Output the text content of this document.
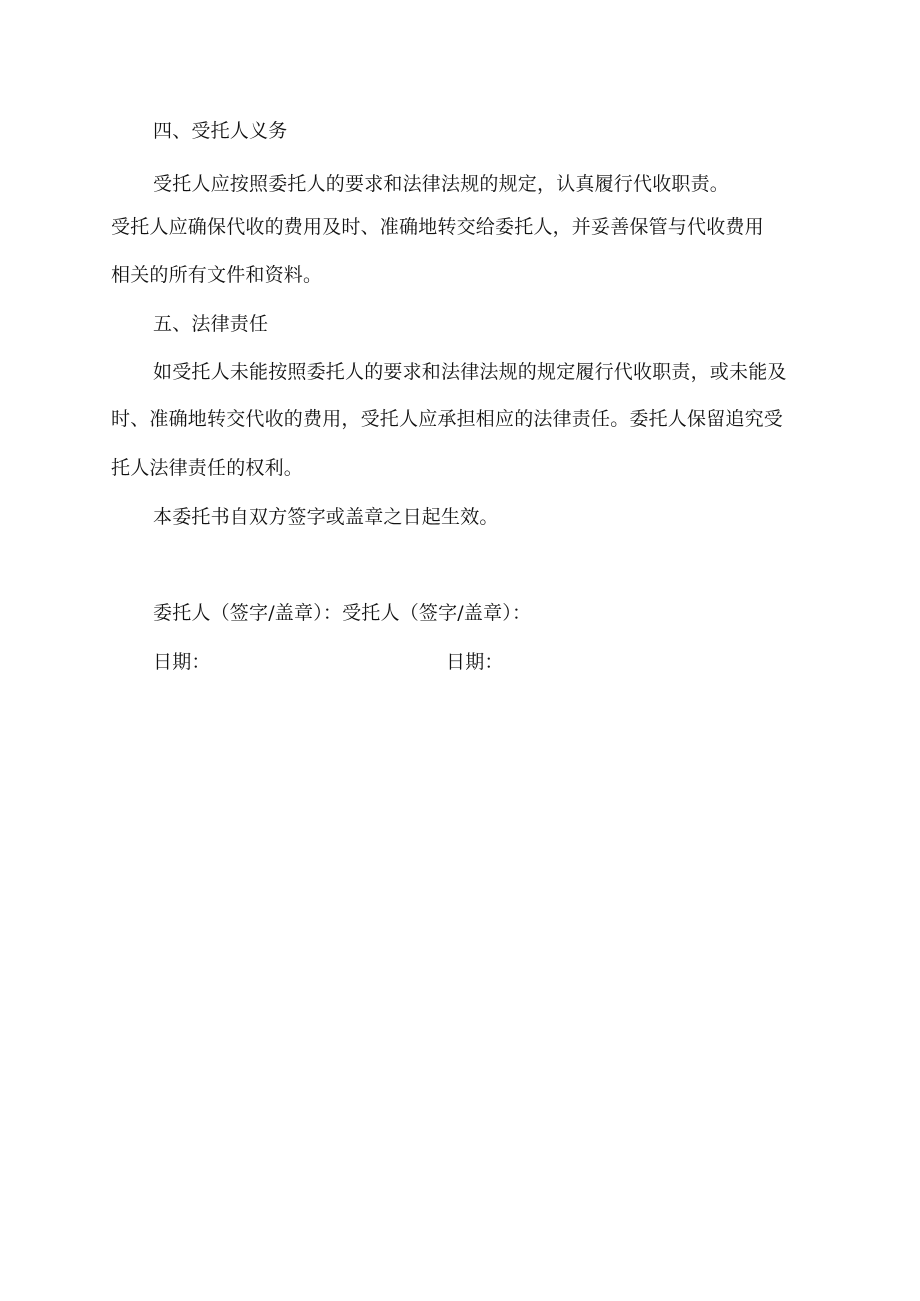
四、受托人义务
受托人应按照委托人的要求和法律法规的规定，认真履行代收职责。
受托人应确保代收的费用及时、准确地转交给委托人，并妥善保管与代收费用
相关的所有文件和资料。
五、法律责任
如受托人未能按照委托人的要求和法律法规的规定履行代收职责，或未能及
时、准确地转交代收的费用，受托人应承担相应的法律责任。委托人保留追究受
托人法律责任的权利。
本委托书自双方签字或盖章之日起生效。
委托人（签字/盖章）：受托人（签字/盖章）：
日期：	日期：
